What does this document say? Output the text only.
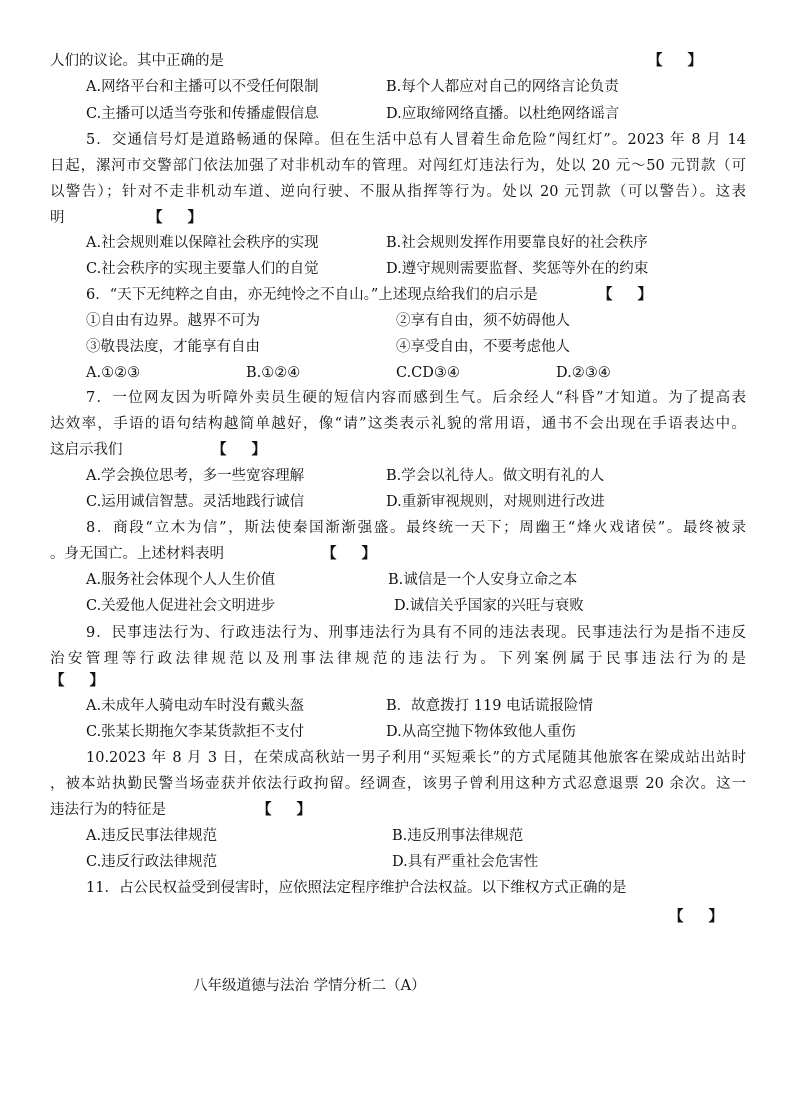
人们的议论。其中正确的是	【 】
A.网络平台和主播可以不受任何限制	B.每个人都应对自己的网络言论负责
C.主播可以适当夸张和传播虚假信息	D.应取缔网络直播。以杜绝网络谣言
5．交通信号灯是道路畅通的保障。但在生活中总有人冒着生命危险“闯红灯”。2023 年 8 月 14
日起，漯河市交警部门依法加强了对非机动车的管理。对闯红灯违法行为，处以 20 元～50 元罚款（可
以警告）；针对不走非机动车道、逆向行驶、不服从指挥等行为。处以 20 元罚款（可以警告）。这表
明	【 】
A.社会规则难以保障社会秩序的实现	B.社会规则发挥作用要靠良好的社会秩序
C.社会秩序的实现主要靠人们的自觉	D.遵守规则需要监督、奖惩等外在的约束
6．“天下无纯粹之自由，亦无纯怜之不自山。”上述现点给我们的启示是	【 】
①自由有边界。越界不可为	②享有自由，须不妨碍他人
③敬畏法度，才能享有自由	④享受自由，不要考虑他人
A.①②③	B.①②④	C.CD③④	D.②③④
7．一位网友因为听障外卖员生硬的短信内容而感到生气。后余经人“科昏”才知道。为了提高表
达效率，手语的语句结构越简单越好，像“请”这类表示礼貌的常用语，通书不会出现在手语表达中。
这启示我们	【 】
A.学会换位思考，多一些宽容理解	B.学会以礼待人。做文明有礼的人
C.运用诚信智慧。灵活地践行诚信	D.重新审视规则，对规则进行改进
8．商段“立木为信”，斯法使秦国渐渐强盛。最终统一天下；周幽王“烽火戏诸侯”。最终被录
。身无国亡。上述材料表明	【 】
A.服务社会体现个人人生价值	B.诚信是一个人安身立命之本
C.关爱他人促进社会文明进步	D.诚信关乎国家的兴旺与衰败
9．民事违法行为、行政违法行为、刑事违法行为具有不同的违法表现。民事违法行为是指不违反
治安管理等行政法律规范以及刑事法律规范的违法行为。下列案例属于民事违法行为的是
【 】
A.未成年人骑电动车时没有戴头盔	B．故意拨打 119 电话谎报险情
C.张某长期拖欠李某货款拒不支付	D.从高空抛下物体致他人重伤
10.2023 年 8 月 3 日，在荣成高秋站一男子利用“买短乘长”的方式尾随其他旅客在梁成站出站时
，被本站执勤民警当场壶获并依法行政拘留。经调查，该男子曾利用这种方式忍意退票 20 余次。这一
违法行为的特征是	【 】
A.违反民事法律规范	B.违反刑事法律规范
C.违反行政法律规范	D.具有严重社会危害性
11．占公民权益受到侵害时，应依照法定程序维护合法权益。以下维权方式正确的是
【 】
八年级道德与法治 学情分析二（A）
